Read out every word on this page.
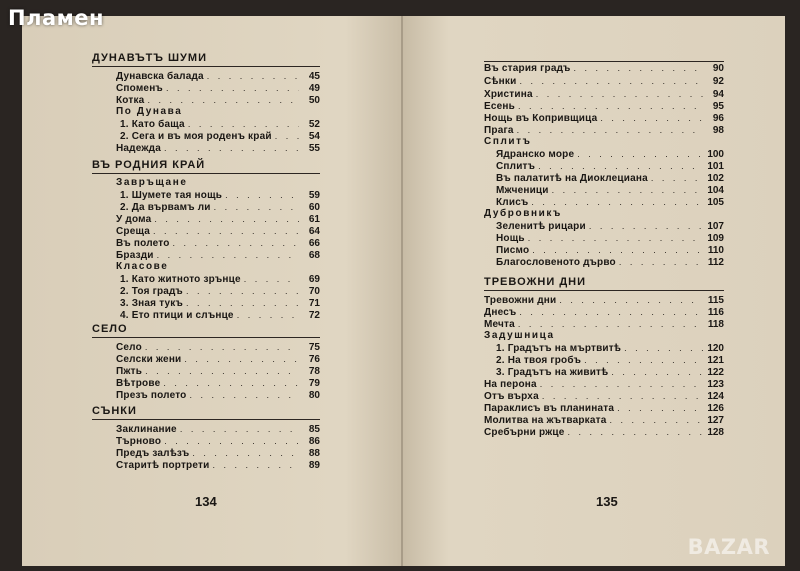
ДУНАВЪТЪ ШУМИ
Дунавска балада . . .	45
Споменъ . . .	49
Котка . . .	50
По Дунава
1. Като баща . . .	52
2. Сега и въ моя роденъ край . . .	54
Надежда . . .	55
ВЪ РОДНИЯ КРАЙ
Завръщане
1. Шумете тая нощь . . .	59
2. Да вървамъ ли . . .	60
У дома . . .	61
Среща . . .	64
Въ полето . . .	66
Бразди . . .	68
Класове
1. Като житното зрънце . . .	69
2. Тоя градъ . . .	70
3. Зная тукъ . . .	71
4. Ето птици и слънце . . .	72
СЕЛО
Село . . .	75
Селски жени . . .	76
Пжть . . .	78
Вѣтрове . . .	79
Презъ полето . . .	80
СЪНКИ
Заклинание . . .	85
Търново . . .	86
Предъ залѣзъ . . .	88
Старитѣ портрети . . .	89
134
Въ стария градъ . . .	90
Сѣнки . . .	92
Христина . . .	94
Есень . . .	95
Нощь въ Копривщица . . .	96
Прага . . .	98
Сплитъ
Ядранско море . . .	100
Сплитъ . . .	101
Въ палатитѣ на Диоклециана . . .	102
Мжченици . . .	104
Клисъ . . .	105
Дубровникъ
Зеленитѣ рицари . . .	107
Нощь . . .	109
Писмо . . .	110
Благословеното дърво . . .	112
ТРЕВОЖНИ ДНИ
Тревожни дни . . .	115
Днесъ . . .	116
Мечта . . .	118
Задушница
1. Градътъ на мъртвитѣ . . .	120
2. На твоя гробъ . . .	121
3. Градътъ на живитѣ . . .	122
На перона . . .	123
Отъ върха . . .	124
Параклисъ въ планината . . .	126
Молитва на жътварката . . .	127
Сребърни ржце . . .	128
135
Пламен
BAZAR
